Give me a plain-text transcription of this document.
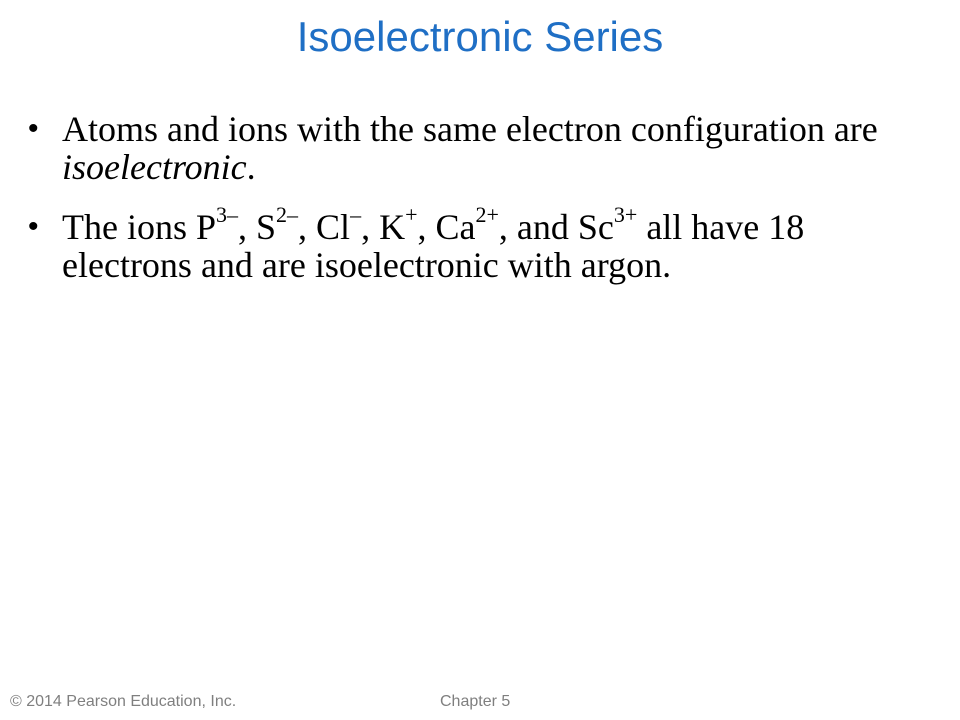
Isoelectronic Series
• Atoms and ions with the same electron configuration are isoelectronic.
• The ions $P^{3-}$, $S^{2-}$, Cl–, K+, $Ca^{2+}$, and $Sc^{3+}$ all have 18 electrons and are isoelectronic with argon.

© 2014 Pearson Education, Inc.	Chapter 5
